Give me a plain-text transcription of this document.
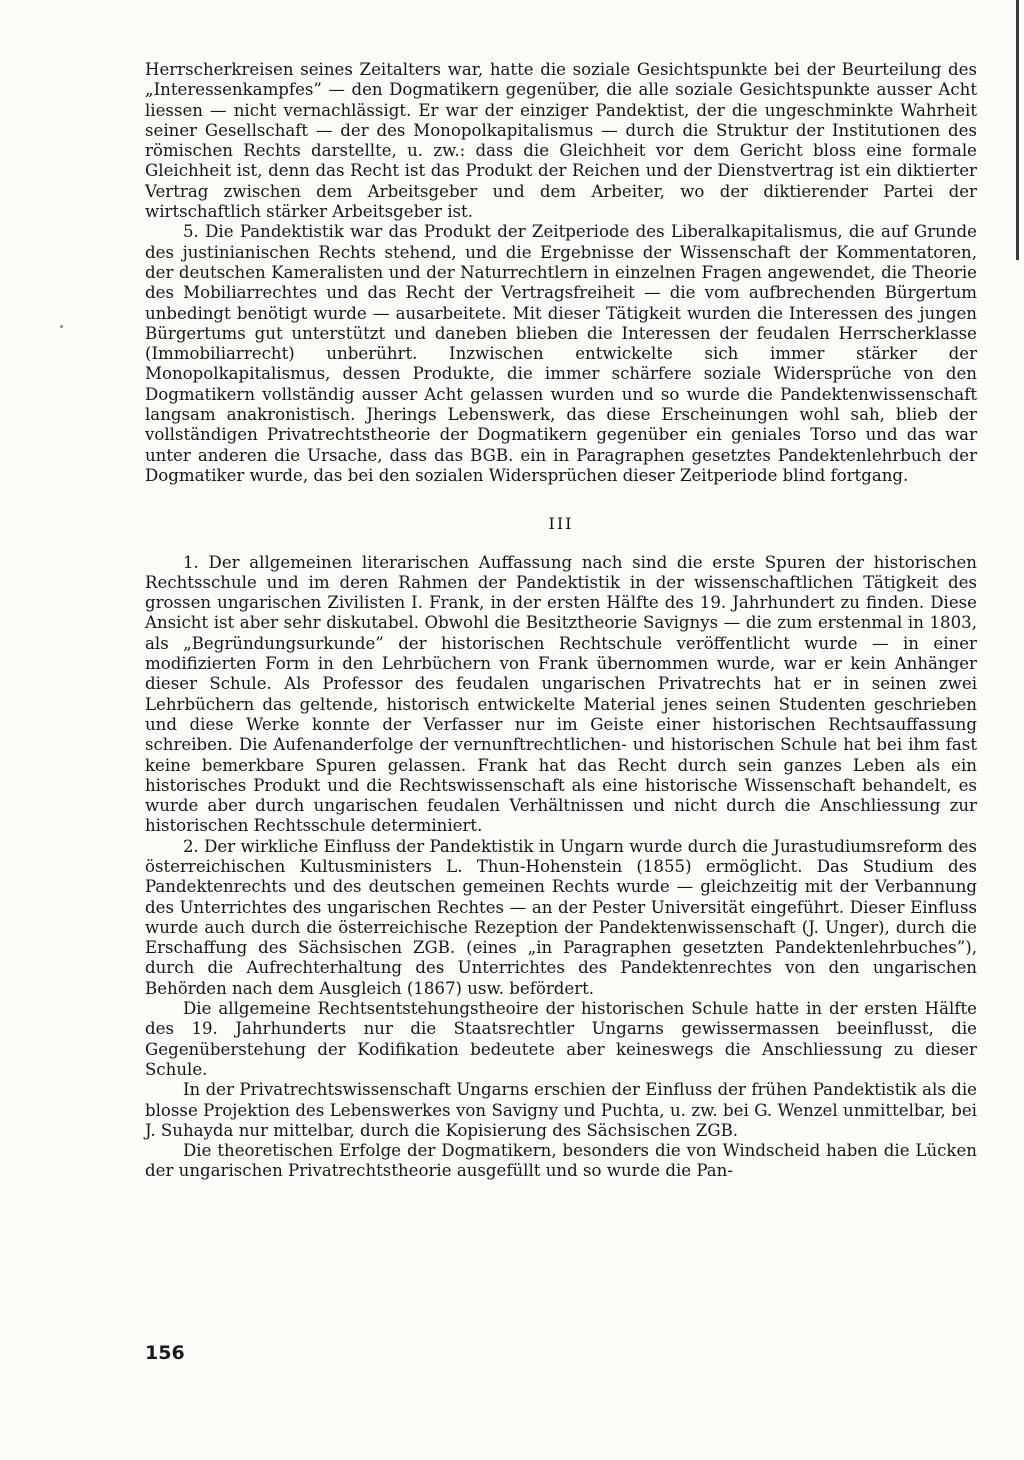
Herrscherkreisen seines Zeitalters war, hatte die soziale Gesichtspunkte bei der Beurteilung des „Interessenkampfes” — den Dogmatikern gegenüber, die alle soziale Gesichtspunkte ausser Acht liessen — nicht vernachlässigt. Er war der einziger Pandektist, der die ungeschminkte Wahrheit seiner Gesellschaft — der des Monopolkapitalismus — durch die Struktur der Institutionen des römischen Rechts darstellte, u. zw.: dass die Gleichheit vor dem Gericht bloss eine formale Gleichheit ist, denn das Recht ist das Produkt der Reichen und der Dienstvertrag ist ein diktierter Vertrag zwischen dem Arbeitsgeber und dem Arbeiter, wo der diktierender Partei der wirtschaftlich stärker Arbeitsgeber ist.

5. Die Pandektistik war das Produkt der Zeitperiode des Liberalkapitalismus, die auf Grunde des justinianischen Rechts stehend, und die Ergebnisse der Wissenschaft der Kommentatoren, der deutschen Kameralisten und der Naturrechtlern in einzelnen Fragen angewendet, die Theorie des Mobiliarrechtes und das Recht der Vertragsfreiheit — die vom aufbrechenden Bürgertum unbedingt benötigt wurde — ausarbeitete. Mit dieser Tätigkeit wurden die Interessen des jungen Bürgertums gut unterstützt und daneben blieben die Interessen der feudalen Herrscherklasse (Immobiliarrecht) unberührt. Inzwischen entwickelte sich immer stärker der Monopolkapitalismus, dessen Produkte, die immer schärfere soziale Widersprüche von den Dogmatikern vollständig ausser Acht gelassen wurden und so wurde die Pandektenwissenschaft langsam anakronistisch. Jherings Lebenswerk, das diese Erscheinungen wohl sah, blieb der vollständigen Privatrechtstheorie der Dogmatikern gegenüber ein geniales Torso und das war unter anderen die Ursache, dass das BGB. ein in Paragraphen gesetztes Pandektenlehrbuch der Dogmatiker wurde, das bei den sozialen Widersprüchen dieser Zeitperiode blind fortgang.

III

1. Der allgemeinen literarischen Auffassung nach sind die erste Spuren der historischen Rechtsschule und im deren Rahmen der Pandektistik in der wissenschaftlichen Tätigkeit des grossen ungarischen Zivilisten I. Frank, in der ersten Hälfte des 19. Jahrhundert zu finden. Diese Ansicht ist aber sehr diskutabel. Obwohl die Besitztheorie Savignys — die zum erstenmal in 1803, als „Begründungsurkunde” der historischen Rechtschule veröffentlicht wurde — in einer modifizierten Form in den Lehrbüchern von Frank übernommen wurde, war er kein Anhänger dieser Schule. Als Professor des feudalen ungarischen Privatrechts hat er in seinen zwei Lehrbüchern das geltende, historisch entwickelte Material jenes seinen Studenten geschrieben und diese Werke konnte der Verfasser nur im Geiste einer historischen Rechtsauffassung schreiben. Die Aufenanderfolge der vernunftrechtlichen- und historischen Schule hat bei ihm fast keine bemerkbare Spuren gelassen. Frank hat das Recht durch sein ganzes Leben als ein historisches Produkt und die Rechtswissenschaft als eine historische Wissenschaft behandelt, es wurde aber durch ungarischen feudalen Verhältnissen und nicht durch die Anschliessung zur historischen Rechtsschule determiniert.

2. Der wirkliche Einfluss der Pandektistik in Ungarn wurde durch die Jurastudiumsreform des österreichischen Kultusministers L. Thun-Hohenstein (1855) ermöglicht. Das Studium des Pandektenrechts und des deutschen gemeinen Rechts wurde — gleichzeitig mit der Verbannung des Unterrichtes des ungarischen Rechtes — an der Pester Universität eingeführt. Dieser Einfluss wurde auch durch die österreichische Rezeption der Pandektenwissenschaft (J. Unger), durch die Erschaffung des Sächsischen ZGB. (eines „in Paragraphen gesetzten Pandektenlehrbuches”), durch die Aufrechterhaltung des Unterrichtes des Pandektenrechtes von den ungarischen Behörden nach dem Ausgleich (1867) usw. befördert.

Die allgemeine Rechtsentstehungstheoire der historischen Schule hatte in der ersten Hälfte des 19. Jahrhunderts nur die Staatsrechtler Ungarns gewissermassen beeinflusst, die Gegenüberstehung der Kodifikation bedeutete aber keineswegs die Anschliessung zu dieser Schule.

In der Privatrechtswissenschaft Ungarns erschien der Einfluss der frühen Pandektistik als die blosse Projektion des Lebenswerkes von Savigny und Puchta, u. zw. bei G. Wenzel unmittelbar, bei J. Suhayda nur mittelbar, durch die Kopisierung des Sächsischen ZGB.

Die theoretischen Erfolge der Dogmatikern, besonders die von Windscheid haben die Lücken der ungarischen Privatrechtstheorie ausgefüllt und so wurde die Pan-

156
